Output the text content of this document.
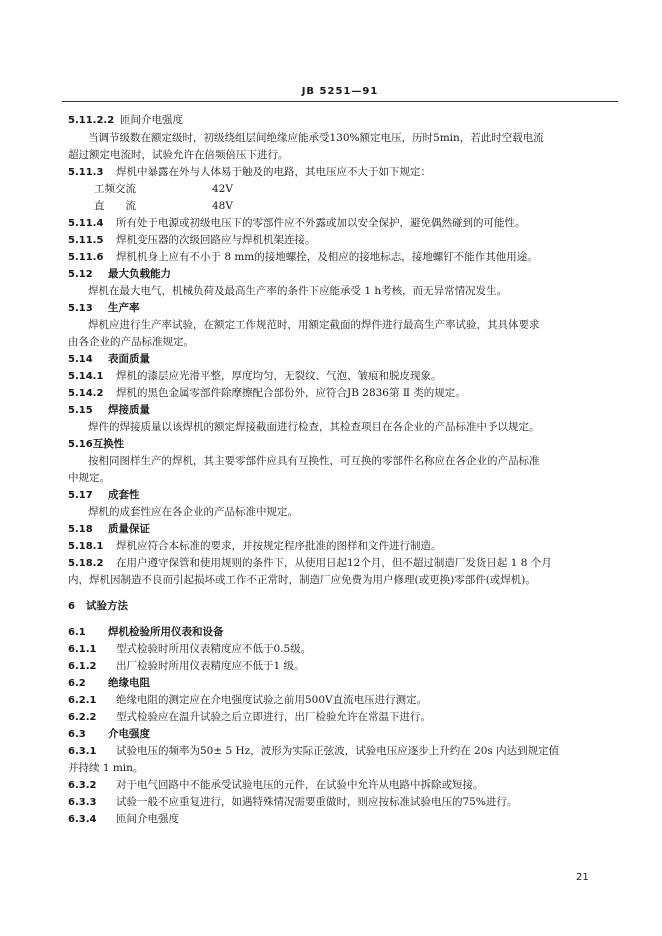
JB 5251—91
5.11.2.2 匝间介电强度
当调节级数在额定级时，初级绕组层间绝缘应能承受130%额定电压，历时5min，若此时空载电流
超过额定电流时，试验允许在倍频倍压下进行。
5.11.3	焊机中暴露在外与人体易于触及的电路，其电压应不大于如下规定：
工频交流	42V
直　　流	48V
5.11.4	所有处于电源或初级电压下的零部件应不外露或加以安全保护，避免偶然碰到的可能性。
5.11.5	焊机变压器的次级回路应与焊机机架连接。
5.11.6	焊机机身上应有不小于 8 mm的接地螺拴，及相应的接地标志，接地螺钉不能作其他用途。
5.12	最大负载能力
焊机在最大电气，机械负荷及最高生产率的条件下应能承受 1 h考核，而无异常情况发生。
5.13	生产率
焊机应进行生产率试验，在额定工作规范时，用额定截面的焊件进行最高生产率试验，其具体要求
由各企业的产品标准规定。
5.14	表面质量
5.14.1	焊机的漆层应光滑平整，厚度均匀，无裂纹、气泡、皱痕和脱皮现象。
5.14.2	焊机的黑色金属零部件除摩擦配合部份外，应符合JB 2836第 Ⅱ 类的规定。
5.15	焊接质量
焊件的焊接质量以该焊机的额定焊接截面进行检查，其检查项目在各企业的产品标准中予以规定。
5.16 互换性
按相同图样生产的焊机，其主要零部件应具有互换性，可互换的零部件名称应在各企业的产品标准
中规定。
5.17	成套性
焊机的成套性应在各企业的产品标准中规定。
5.18	质量保证
5.18.1	焊机应符合本标准的要求，并按规定程序批准的图样和文件进行制造。
5.18.2	在用户遵守保管和使用规则的条件下，从使用日起12个月，但不超过制造厂发货日起 1 8 个月
内，焊机因制造不良而引起损坏或工作不正常时，制造厂应免费为用户修理(或更换)零部件(或焊机)。
6	试验方法
6.1	焊机检验所用仪表和设备
6.1.1	型式检验时所用仪表精度应不低于0.5级。
6.1.2	出厂检验时所用仪表精度应不低于1 级。
6.2	绝缘电阻
6.2.1	绝缘电阻的测定应在介电强度试验之前用500V直流电压进行测定。
6.2.2	型式检验应在温升试验之后立即进行，出厂检验允许在常温下进行。
6.3	介电强度
6.3.1	试验电压的频率为50± 5 Hz，波形为实际正弦波，试验电压应逐步上升约在 20s 内达到规定值
并持续 1 min。
6.3.2	对于电气回路中不能承受试验电压的元件，在试验中允许从电路中拆除或短接。
6.3.3	试验一般不应重复进行，如遇特殊情况需要重做时，则应按标准试验电压的75%进行。
6.3.4	匝间介电强度
21
